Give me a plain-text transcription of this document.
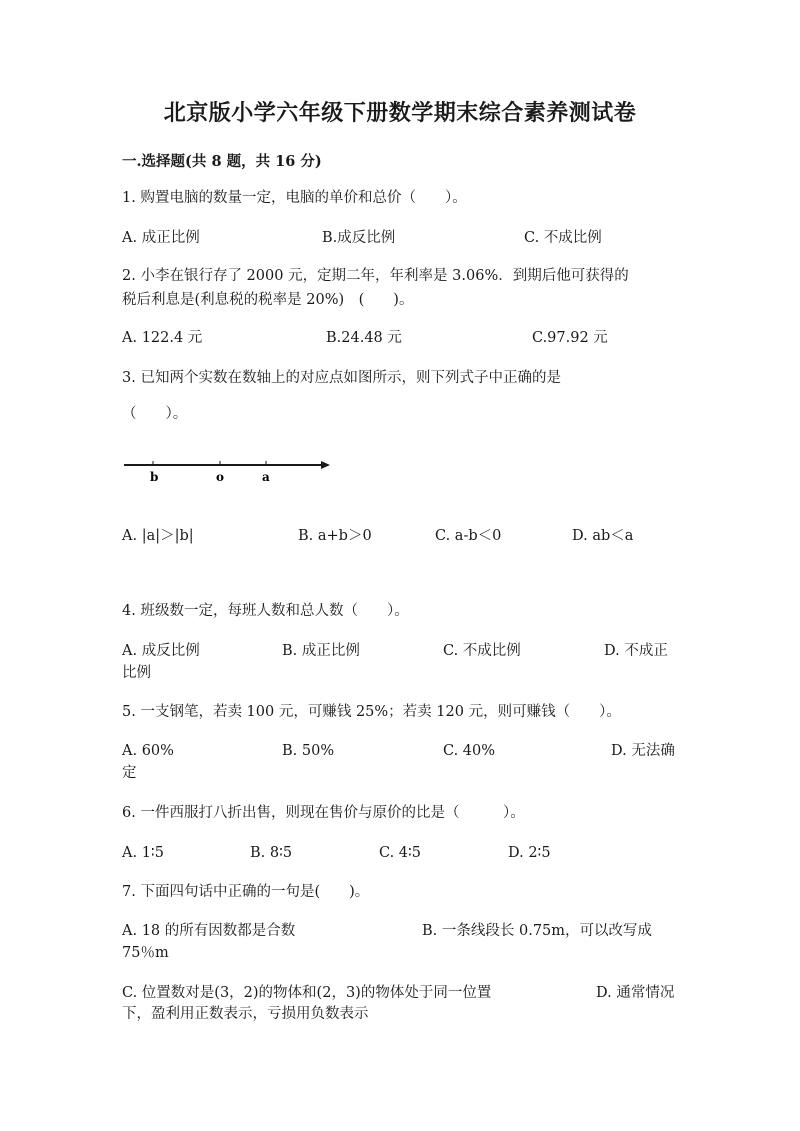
北京版小学六年级下册数学期末综合素养测试卷
一.选择题(共 8 题，共 16 分)
1. 购置电脑的数量一定，电脑的单价和总价（　　）。
A. 成正比例	B.成反比例	C. 不成比例
2. 小李在银行存了 2000 元，定期二年，年利率是 3.06%．到期后他可获得的
税后利息是(利息税的税率是 20%)　(　　)。
A. 122.4 元	B.24.48 元	C.97.92 元
3. 已知两个实数在数轴上的对应点如图所示，则下列式子中正确的是
（　　）。
b	o	a
A. |a|＞|b|	B. a+b＞0	C. a-b＜0	D. ab＜a
4. 班级数一定，每班人数和总人数（　　）。
A. 成反比例	B. 成正比例	C. 不成比例	D. 不成正
比例
5. 一支钢笔，若卖 100 元，可赚钱 25%；若卖 120 元，则可赚钱（　　）。
A. 60%	B. 50%	C. 40%	D. 无法确
定
6. 一件西服打八折出售，则现在售价与原价的比是（　　　）。
A. 1∶5	B. 8∶5	C. 4∶5	D. 2∶5
7. 下面四句话中正确的一句是(　　)。
A. 18 的所有因数都是合数	B. 一条线段长 0.75m，可以改写成
75％m
C. 位置数对是(3，2)的物体和(2，3)的物体处于同一位置	D. 通常情况
下，盈利用正数表示，亏损用负数表示
